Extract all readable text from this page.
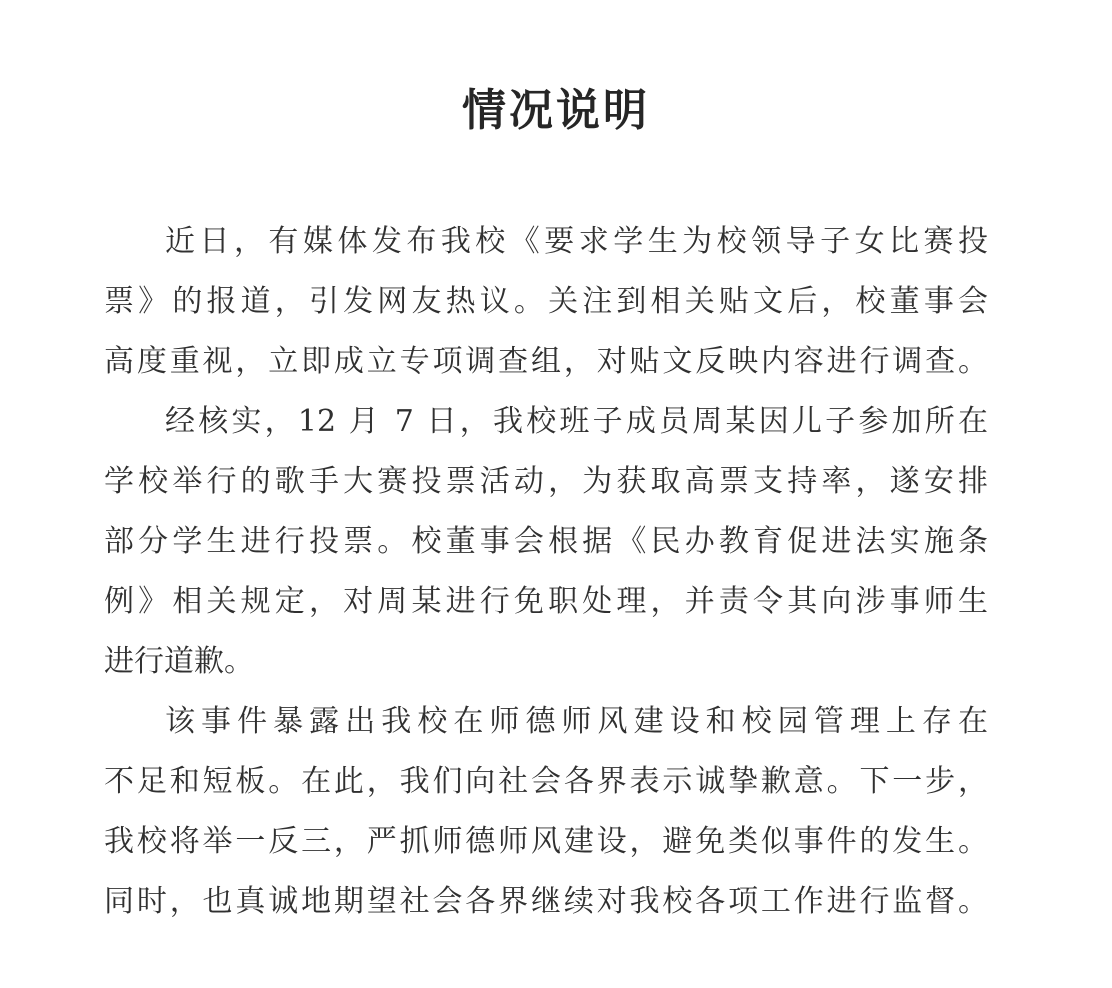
情况说明
近日，有媒体发布我校《要求学生为校领导子女比赛投
票》的报道，引发网友热议。关注到相关贴文后，校董事会
高度重视，立即成立专项调查组，对贴文反映内容进行调查。
经核实，12 月 7 日，我校班子成员周某因儿子参加所在
学校举行的歌手大赛投票活动，为获取高票支持率，遂安排
部分学生进行投票。校董事会根据《民办教育促进法实施条
例》相关规定，对周某进行免职处理，并责令其向涉事师生
进行道歉。
该事件暴露出我校在师德师风建设和校园管理上存在
不足和短板。在此，我们向社会各界表示诚挚歉意。下一步，
我校将举一反三，严抓师德师风建设，避免类似事件的发生。
同时，也真诚地期望社会各界继续对我校各项工作进行监督。
